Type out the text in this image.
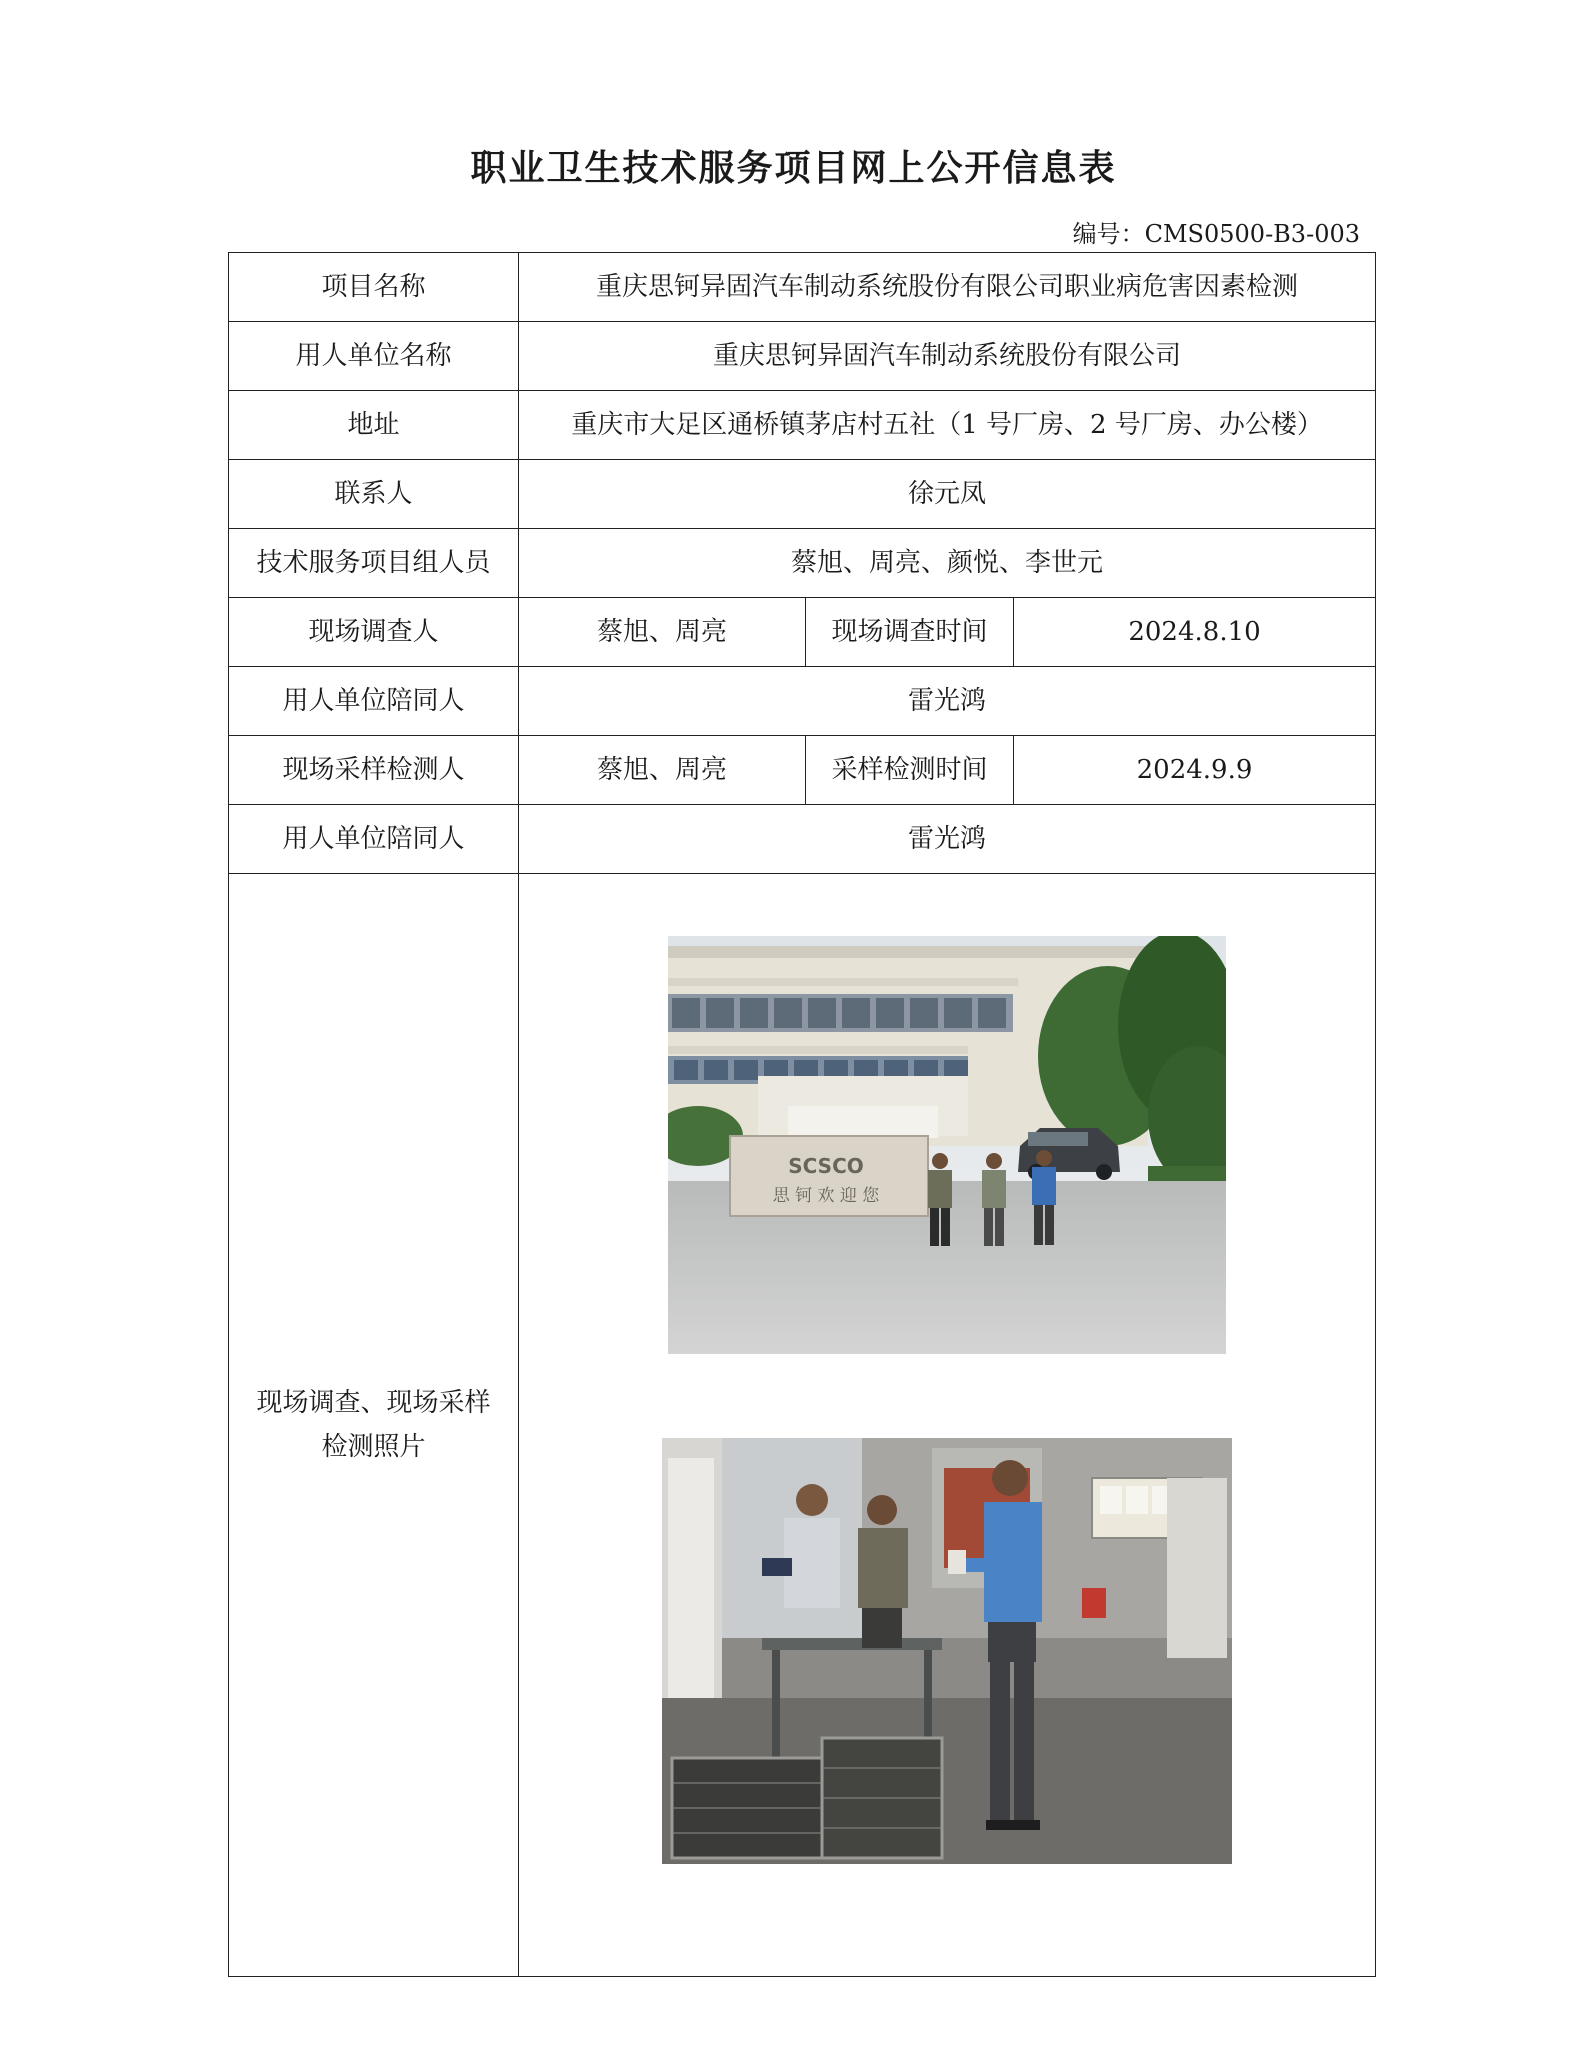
职业卫生技术服务项目网上公开信息表
编号：CMS0500-B3-003
项目名称	重庆思钶异固汽车制动系统股份有限公司职业病危害因素检测		
用人单位名称	重庆思钶异固汽车制动系统股份有限公司		
地址	重庆市大足区通桥镇茅店村五社（1 号厂房、2 号厂房、办公楼）		
联系人	徐元凤		
技术服务项目组人员	蔡旭、周亮、颜悦、李世元		
现场调查人	蔡旭、周亮	现场调查时间	2024.8.10
用人单位陪同人	雷光鸿		
现场采样检测人	蔡旭、周亮	采样检测时间	2024.9.9
用人单位陪同人	雷光鸿		
现场调查、现场采样检测照片	SCSCO
思 钶 欢 迎 您		
